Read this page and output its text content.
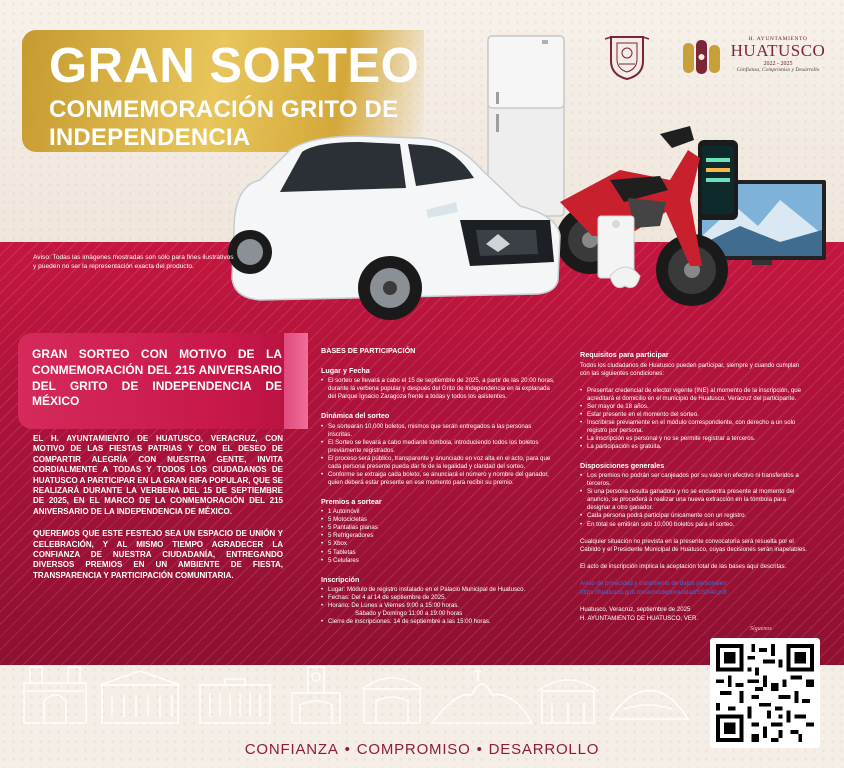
GRAN SORTEO
CONMEMORACIÓN GRITO DE INDEPENDENCIA
H. AYUNTAMIENTO
HUATUSCO
2022 - 2025
Confianza, Compromiso y Desarrollo
Aviso: Todas las imágenes mostradas son sólo para fines ilustrativos y pueden no ser la representación exacta del producto.

GRAN SORTEO CON MOTIVO DE LA CONMEMORACIÓN DEL 215 ANIVERSARIO DEL GRITO DE INDEPENDENCIA DE MÉXICO

EL H. AYUNTAMIENTO DE HUATUSCO, VERACRUZ, CON MOTIVO DE LAS FIESTAS PATRIAS Y CON EL DESEO DE COMPARTIR ALEGRÍA CON NUESTRA GENTE, INVITA CORDIALMENTE A TODAS Y TODOS LOS CIUDADANOS DE HUATUSCO A PARTICIPAR EN LA GRAN RIFA POPULAR, QUE SE REALIZARÁ DURANTE LA VERBENA DEL 15 DE SEPTIEMBRE DE 2025, EN EL MARCO DE LA CONMEMORACIÓN DEL 215 ANIVERSARIO DE LA INDEPENDENCIA DE MÉXICO.

QUEREMOS QUE ESTE FESTEJO SEA UN ESPACIO DE UNIÓN Y CELEBRACIÓN, Y AL MISMO TIEMPO AGRADECER LA CONFIANZA DE NUESTRA CIUDADANÍA, ENTREGANDO DIVERSOS PREMIOS EN UN AMBIENTE DE FIESTA, TRANSPARENCIA Y PARTICIPACIÓN COMUNITARIA.

BASES DE PARTICIPACIÓN
Lugar y Fecha
• El sorteo se llevará a cabo el 15 de septiembre de 2025, a partir de las 20:00 horas, durante la verbena popular y después del Grito de Independencia en la explanada del Parque Ignacio Zaragoza frente a todas y todos los asistentes.
Dinámica del sorteo
• Se sortearán 10,000 boletos, mismos que serán entregados a las personas inscritas.
• El Sorteo se llevará a cabo mediante tómbola, introduciendo todos los boletos previamente registrados.
• El proceso será público, transparente y anunciado en voz alta en el acto, para que cada persona presente pueda dar fe de la legalidad y claridad del sorteo.
• Conforme se extraiga cada boleto, se anunciará el número y nombre del ganador, quien deberá estar presente en ese momento para recibir su premio.
Premios a sortear
• 1 Automóvil
• 5 Motocicletas
• 5 Pantallas planas
• 5 Refrigeradores
• 5 Xbox
• 5 Tabletas
• 5 Celulares
Inscripción
• Lugar: Módulo de registro instalado en el Palacio Municipal de Huatusco.
• Fechas: Del 4 al 14 de septiembre de 2025.
• Horario: De Lunes a Viernes 9:00 a 15:00 horas.
Sábado y Domingo 11:00 a 19:00 horas
• Cierre de inscripciones: 14 de septiembre a las 15:00 horas.
Requisitos para participar

Todos los ciudadanos de Huatusco pueden participar, siempre y cuando cumplan con las siguientes condiciones:

• Presentar credencial de elector vigente (INE) al momento de la inscripción, que acreditará el domicilio en el municipio de Huatusco, Veracruz del participante.
• Ser mayor de 18 años.
• Estar presente en el momento del sorteo.
• Inscribirse previamente en el módulo correspondiente, con derecho a un solo registro por persona.
• La inscripción es personal y no se permite registrar a terceros.
• La participación es gratuita.
Disposiciones generales
• Los premios no podrán ser canjeados por su valor en efectivo ni transferidos a terceros.
• Si una persona resulta ganadora y no se encuentra presente al momento del anuncio, se procederá a realizar una nueva extracción en la tómbola para designar a otro ganador.
• Cada persona podrá participar únicamente con un registro.
• En total se emitirán solo 10,000 boletos para el sorteo.

Cualquier situación no prevista en la presente convocatoria será resuelta por el Cabildo y el Presidente Municipal de Huatusco, cuyas decisiones serán inapelables.

El acto de inscripción implica la aceptación total de las bases aquí descritas.

Aviso de privacidad y tratamiento de datos personales:

https://huatusco.gob.mx/avisodeprivacidad/SSG40.pdf

Huatusco, Veracruz, septiembre de 2025

H. AYUNTAMIENTO DE HUATUSCO, VER.

Síguenos
CONFIANZA • COMPROMISO • DESARROLLO
